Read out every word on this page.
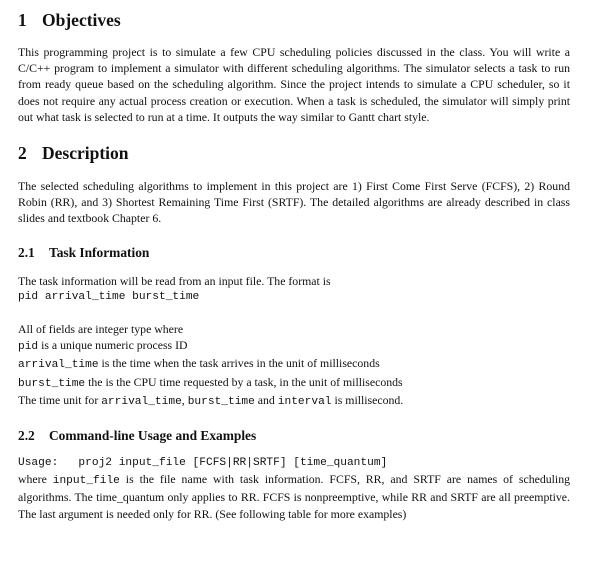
1 Objectives

This programming project is to simulate a few CPU scheduling policies discussed in the class. You will write a C/C++ program to implement a simulator with different scheduling algorithms. The simulator selects a task to run from ready queue based on the scheduling algorithm. Since the project intends to simulate a CPU scheduler, so it does not require any actual process creation or execution. When a task is scheduled, the simulator will simply print out what task is selected to run at a time. It outputs the way similar to Gantt chart style.

2 Description

The selected scheduling algorithms to implement in this project are 1) First Come First Serve (FCFS), 2) Round Robin (RR), and 3) Shortest Remaining Time First (SRTF). The detailed algorithms are already described in class slides and textbook Chapter 6.

2.1	Task Information

The task information will be read from an input file. The format is

pid arrival_time burst_time

All of fields are integer type where

pid is a unique numeric process ID
arrival_time is the time when the task arrives in the unit of milliseconds
burst_time the is the CPU time requested by a task, in the unit of milliseconds
The time unit for arrival_time, burst_time and interval is millisecond.
2.2	Command-line Usage and Examples

Usage:   proj2 input_file [FCFS|RR|SRTF] [time_quantum]

where input_file is the file name with task information. FCFS, RR, and SRTF are names of scheduling algorithms. The time_quantum only applies to RR. FCFS is nonpreemptive, while RR and SRTF are all preemptive. The last argument is needed only for RR. (See following table for more examples)
